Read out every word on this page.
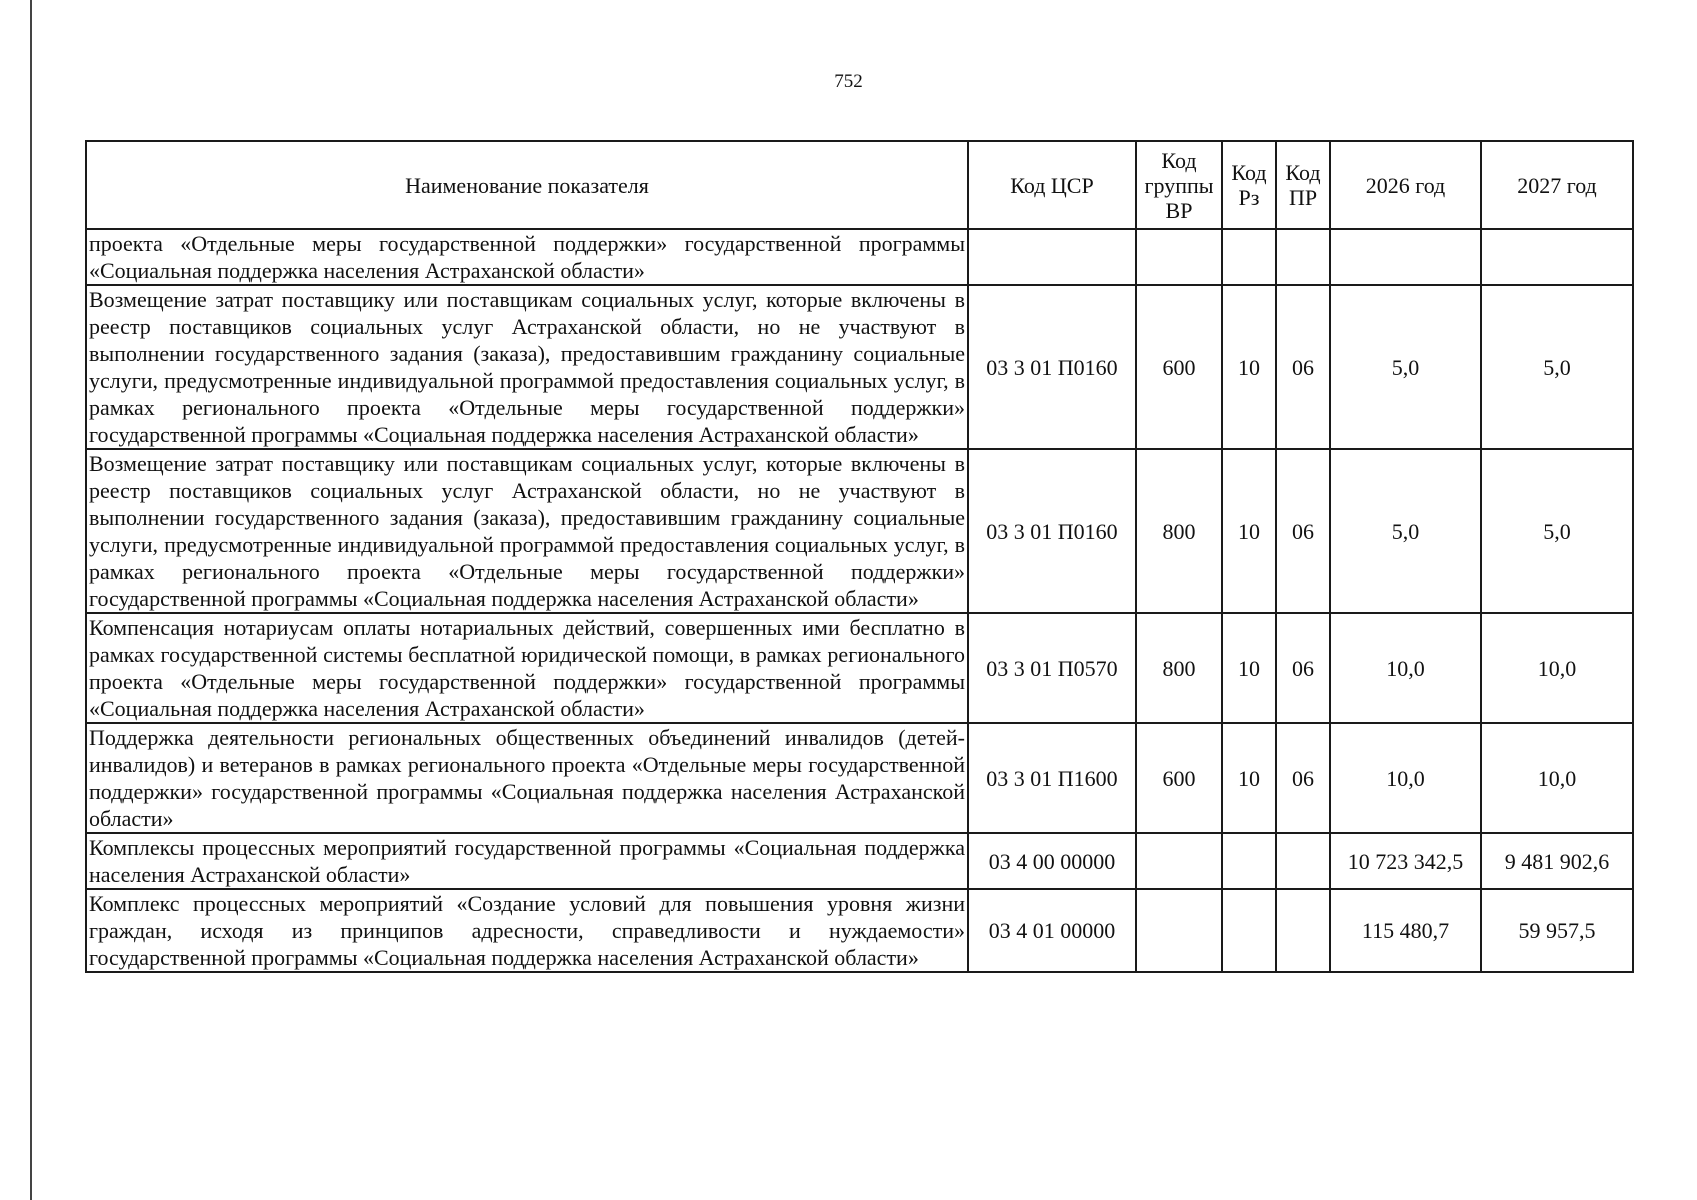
752
Наименование показателя	Код ЦСР	Код группы ВР	Код Рз	Код ПР	2026 год	2027 год
проекта «Отдельные меры государственной поддержки» государственной программы «Социальная поддержка населения Астраханской области»						
Возмещение затрат поставщику или поставщикам социальных услуг, которые включены в реестр поставщиков социальных услуг Астраханской области, но не участвуют в выполнении государственного задания (заказа), предоставившим гражданину социальные услуги, предусмотренные индивидуальной программой предоставления социальных услуг, в рамках регионального проекта «Отдельные меры государственной поддержки» государственной программы «Социальная поддержка населения Астраханской области»	03 3 01 П0160	600	10	06	5,0	5,0
Возмещение затрат поставщику или поставщикам социальных услуг, которые включены в реестр поставщиков социальных услуг Астраханской области, но не участвуют в выполнении государственного задания (заказа), предоставившим гражданину социальные услуги, предусмотренные индивидуальной программой предоставления социальных услуг, в рамках регионального проекта «Отдельные меры государственной поддержки» государственной программы «Социальная поддержка населения Астраханской области»	03 3 01 П0160	800	10	06	5,0	5,0
Компенсация нотариусам оплаты нотариальных действий, совершенных ими бесплатно в рамках государственной системы бесплатной юридической помощи, в рамках регионального проекта «Отдельные меры государственной поддержки» государственной программы «Социальная поддержка населения Астраханской области»	03 3 01 П0570	800	10	06	10,0	10,0
Поддержка деятельности региональных общественных объединений инвалидов (детей-инвалидов) и ветеранов в рамках регионального проекта «Отдельные меры государственной поддержки» государственной программы «Социальная поддержка населения Астраханской области»	03 3 01 П1600	600	10	06	10,0	10,0
Комплексы процессных мероприятий государственной программы «Социальная поддержка населения Астраханской области»	03 4 00 00000				10 723 342,5	9 481 902,6
Комплекс процессных мероприятий «Создание условий для повышения уровня жизни граждан, исходя из принципов адресности, справедливости и нуждаемости» государственной программы «Социальная поддержка населения Астраханской области»	03 4 01 00000				115 480,7	59 957,5
